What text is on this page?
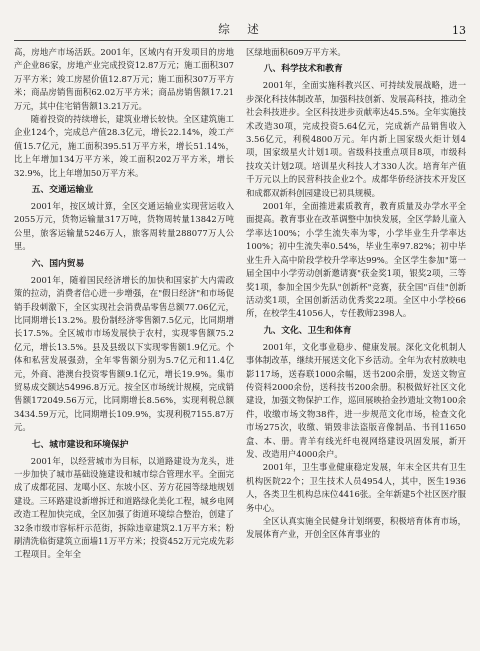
综　述	13

高，房地产市场活跃。2001年，区域内有开发项目的房地产企业86家，房地产业完成投资12.87万元；施工面积307万平方米；竣工房屋价值12.87万元；施工面积307万平方米；商品房销售面积62.02万平方米；商品房销售额17.21万元，其中住宅销售额13.21万元。

随着投资的持续增长，建筑业增长较快。全区建筑施工企业124个，完成总产值28.3亿元，增长22.14%，竣工产值15.7亿元，施工面积395.51万平方米，增长51.14%，比上年增加134万平方米，竣工面积202万平方米，增长32.9%，比上年增加50万平方米。

五、交通运输业

2001年，按区域计算，全区交通运输业实现营运收入2055万元，货物运输量317万吨，货物周转量13842万吨公里，旅客运输量5246万人，旅客周转量288077万人公里。

六、国内贸易

2001年，随着国民经济增长的加快和国家扩大内需政策的拉动，消费者信心进一步增强，在"假日经济"和市场促销手段刺激下，全区实现社会消费品零售总额77.06亿元，比同期增长13.2%。股份制经济零售额7.5亿元，比同期增长17.5%。全区城市市场发展快于农村，实现零售额75.2亿元，增长13.5%。县及县级以下实现零售额1.9亿元。个体和私营发展强劲，全年零售额分别为5.7亿元和11.4亿元，外商、港澳台投资零售额9.1亿元，增长19.9%。集市贸易成交额达54996.8万元。按全区市场统计规模，完成销售额172049.56万元，比同期增长8.56%，实现利税总额3434.59万元，比同期增长109.9%，实现利税7155.87万元。

七、城市建设和环境保护

2001年，以经营城市为目标，以道路建设为龙头，进一步加快了城市基础设施建设和城市综合管理水平。全面完成了成都花园、龙噶小区、东坡小区、芳方花园等绿地规划建设。三环路建设新增拆迁和道路绿化美化工程，城乡电网改造工程加快完成，全区加强了街道环境综合整治，创建了32条市级市容标杆示范街，拆除违章建筑2.1万平方米；粉刷清洗临街建筑立面墙11万平方米；投资452万元完成先彩工程项目。全年全

区绿地面积609万平方米。

八、科学技术和教育

2001年，全面实施科教兴区、可持续发展战略，进一步深化科技体制改革，加强科技创新、发展高科技，推动全社会科技进步。全区科技进步贡献率达45.5%。全年实施技术改造30项，完成投资5.64亿元，完成新产品销售收入3.56亿元，利税4800万元。年内新上国家级火炬计划4项，国家级星火计划1项。省级科技重点项目8项，市级科技攻关计划2项。培训星火科技人才330人次。培育年产值千万元以上的民营科技企业2个。成都华侨经济技术开发区和成都双新科创园建设已初具规模。

2001年，全面推进素质教育，教育质量及办学水平全面提高。教育事业在改革调整中加快发展，全区学龄儿童入学率达100%；小学生流失率为零，小学毕业生升学率达100%；初中生流失率0.54%，毕业生率97.82%；初中毕业生升入高中阶段学校升学率达99%。全区学生参加"第一届全国中小学劳动创新邀请赛"获金奖1项，银奖2项，三等奖1项，参加全国少先队"创新杯"竞赛，获全国"百佳"创新活动奖1项，全国创新活动优秀奖22项。全区中小学校66所，在校学生41056人，专任教师2398人。

九、文化、卫生和体育

2001年，文化事业稳步、健康发展。深化文化机制人事体制改革，继续开展送文化下乡活动。全年为农村放映电影117场，送春联1000余幅，送书200余册，发送文物宣传资料2000余份，送科技书200余册。积极做好社区文化建设，加强文物保护工作，巡回展映拾金抄遗址文物100余件，收缴市场文物38件，进一步规范文化市场，检查文化市场275次，收缴、销毁非法盗版音像制品、书刊11650盒、本、册。青羊有线光纤电视网络建设巩固发展，新开发、改造用户4000余户。

2001年，卫生事业健康稳定发展，年末全区共有卫生机构医院22个；卫生技术人员4954人，其中，医生1936人，各类卫生机构总床位4416张。全年新建5个社区医疗服务中心。

全区认真实施全民健身计划纲要，积极培育体育市场，发展体育产业，开创全区体育事业的
